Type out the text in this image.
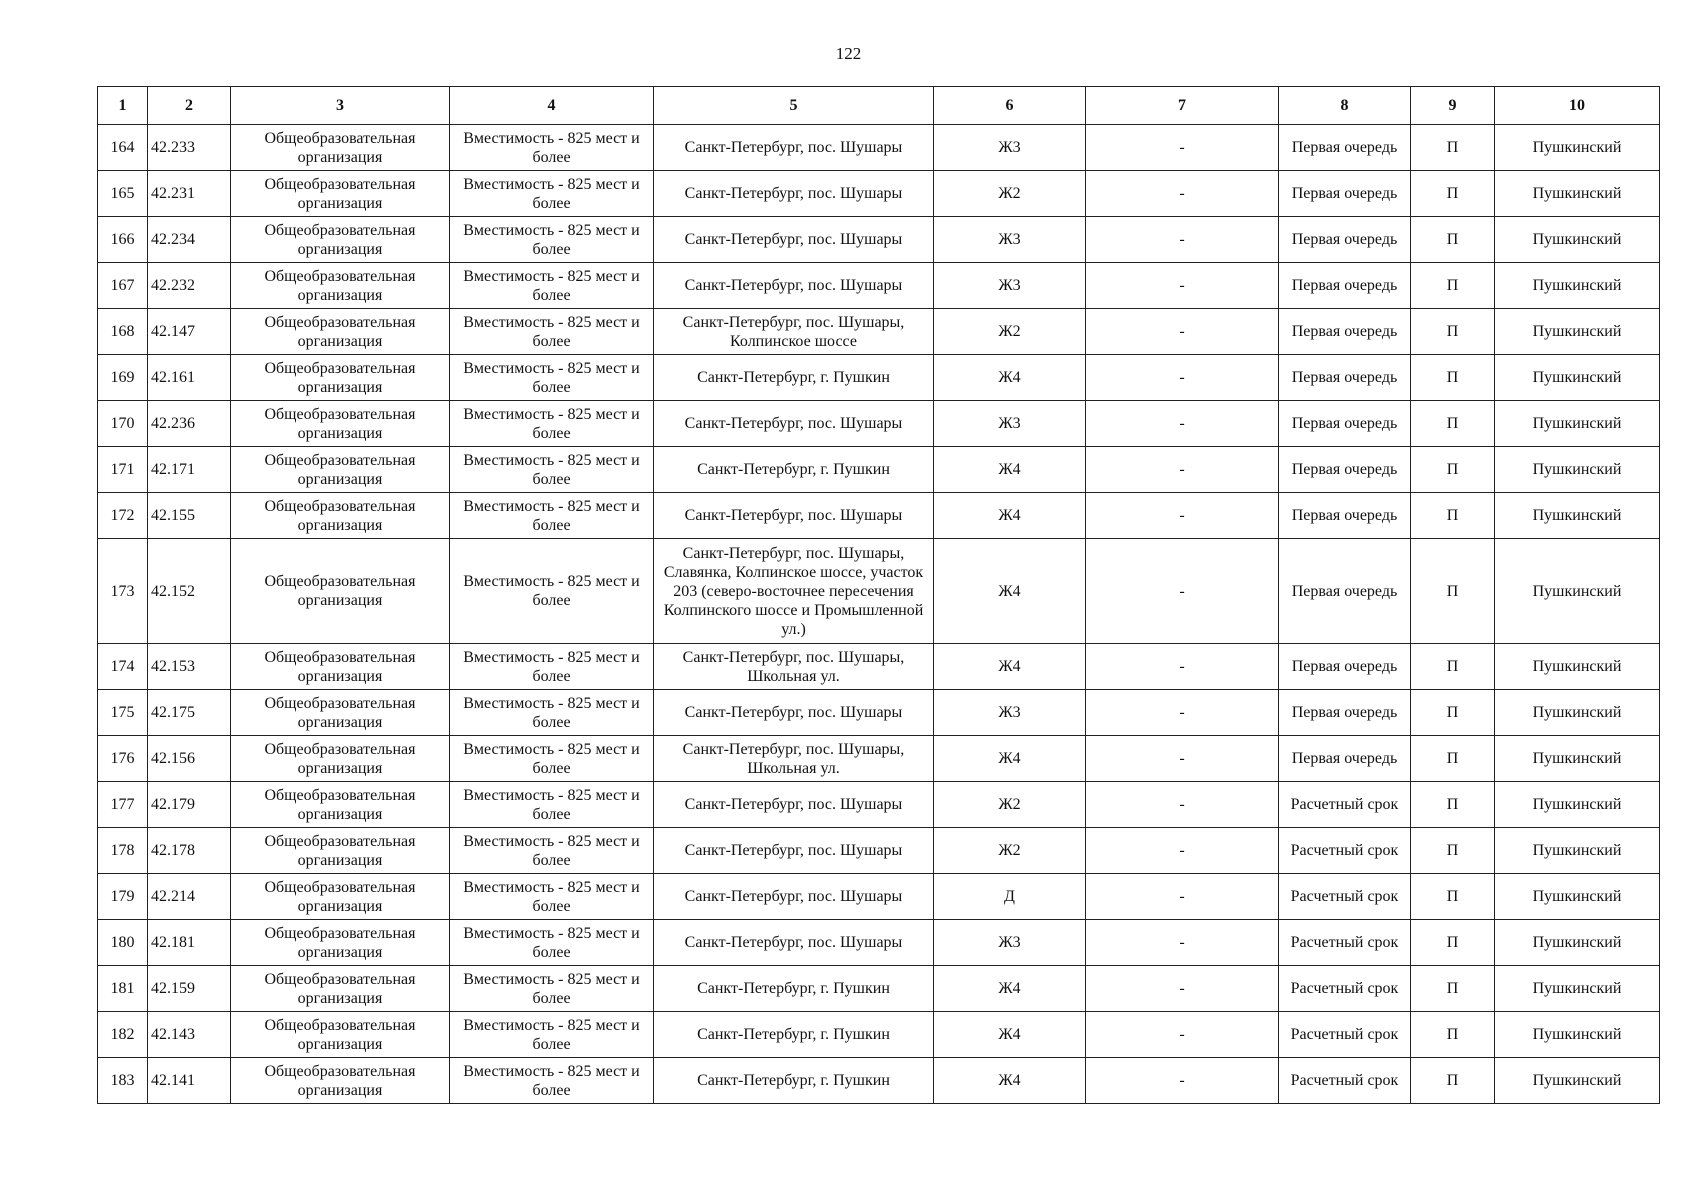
122
1	2	3	4	5	6	7	8	9	10
164	42.233	Общеобразовательная организация	Вместимость - 825 мест и более	Санкт-Петербург, пос. Шушары	Ж3	-	Первая очередь	П	Пушкинский
165	42.231	Общеобразовательная организация	Вместимость - 825 мест и более	Санкт-Петербург, пос. Шушары	Ж2	-	Первая очередь	П	Пушкинский
166	42.234	Общеобразовательная организация	Вместимость - 825 мест и более	Санкт-Петербург, пос. Шушары	Ж3	-	Первая очередь	П	Пушкинский
167	42.232	Общеобразовательная организация	Вместимость - 825 мест и более	Санкт-Петербург, пос. Шушары	Ж3	-	Первая очередь	П	Пушкинский
168	42.147	Общеобразовательная организация	Вместимость - 825 мест и более	Санкт-Петербург, пос. Шушары, Колпинское шоссе	Ж2	-	Первая очередь	П	Пушкинский
169	42.161	Общеобразовательная организация	Вместимость - 825 мест и более	Санкт-Петербург, г. Пушкин	Ж4	-	Первая очередь	П	Пушкинский
170	42.236	Общеобразовательная организация	Вместимость - 825 мест и более	Санкт-Петербург, пос. Шушары	Ж3	-	Первая очередь	П	Пушкинский
171	42.171	Общеобразовательная организация	Вместимость - 825 мест и более	Санкт-Петербург, г. Пушкин	Ж4	-	Первая очередь	П	Пушкинский
172	42.155	Общеобразовательная организация	Вместимость - 825 мест и более	Санкт-Петербург, пос. Шушары	Ж4	-	Первая очередь	П	Пушкинский
173	42.152	Общеобразовательная организация	Вместимость - 825 мест и более	Санкт-Петербург, пос. Шушары, Славянка, Колпинское шоссе, участок 203 (северо-восточнее пересечения Колпинского шоссе и Промышленной ул.)	Ж4	-	Первая очередь	П	Пушкинский
174	42.153	Общеобразовательная организация	Вместимость - 825 мест и более	Санкт-Петербург, пос. Шушары, Школьная ул.	Ж4	-	Первая очередь	П	Пушкинский
175	42.175	Общеобразовательная организация	Вместимость - 825 мест и более	Санкт-Петербург, пос. Шушары	Ж3	-	Первая очередь	П	Пушкинский
176	42.156	Общеобразовательная организация	Вместимость - 825 мест и более	Санкт-Петербург, пос. Шушары, Школьная ул.	Ж4	-	Первая очередь	П	Пушкинский
177	42.179	Общеобразовательная организация	Вместимость - 825 мест и более	Санкт-Петербург, пос. Шушары	Ж2	-	Расчетный срок	П	Пушкинский
178	42.178	Общеобразовательная организация	Вместимость - 825 мест и более	Санкт-Петербург, пос. Шушары	Ж2	-	Расчетный срок	П	Пушкинский
179	42.214	Общеобразовательная организация	Вместимость - 825 мест и более	Санкт-Петербург, пос. Шушары	Д	-	Расчетный срок	П	Пушкинский
180	42.181	Общеобразовательная организация	Вместимость - 825 мест и более	Санкт-Петербург, пос. Шушары	Ж3	-	Расчетный срок	П	Пушкинский
181	42.159	Общеобразовательная организация	Вместимость - 825 мест и более	Санкт-Петербург, г. Пушкин	Ж4	-	Расчетный срок	П	Пушкинский
182	42.143	Общеобразовательная организация	Вместимость - 825 мест и более	Санкт-Петербург, г. Пушкин	Ж4	-	Расчетный срок	П	Пушкинский
183	42.141	Общеобразовательная организация	Вместимость - 825 мест и более	Санкт-Петербург, г. Пушкин	Ж4	-	Расчетный срок	П	Пушкинский
